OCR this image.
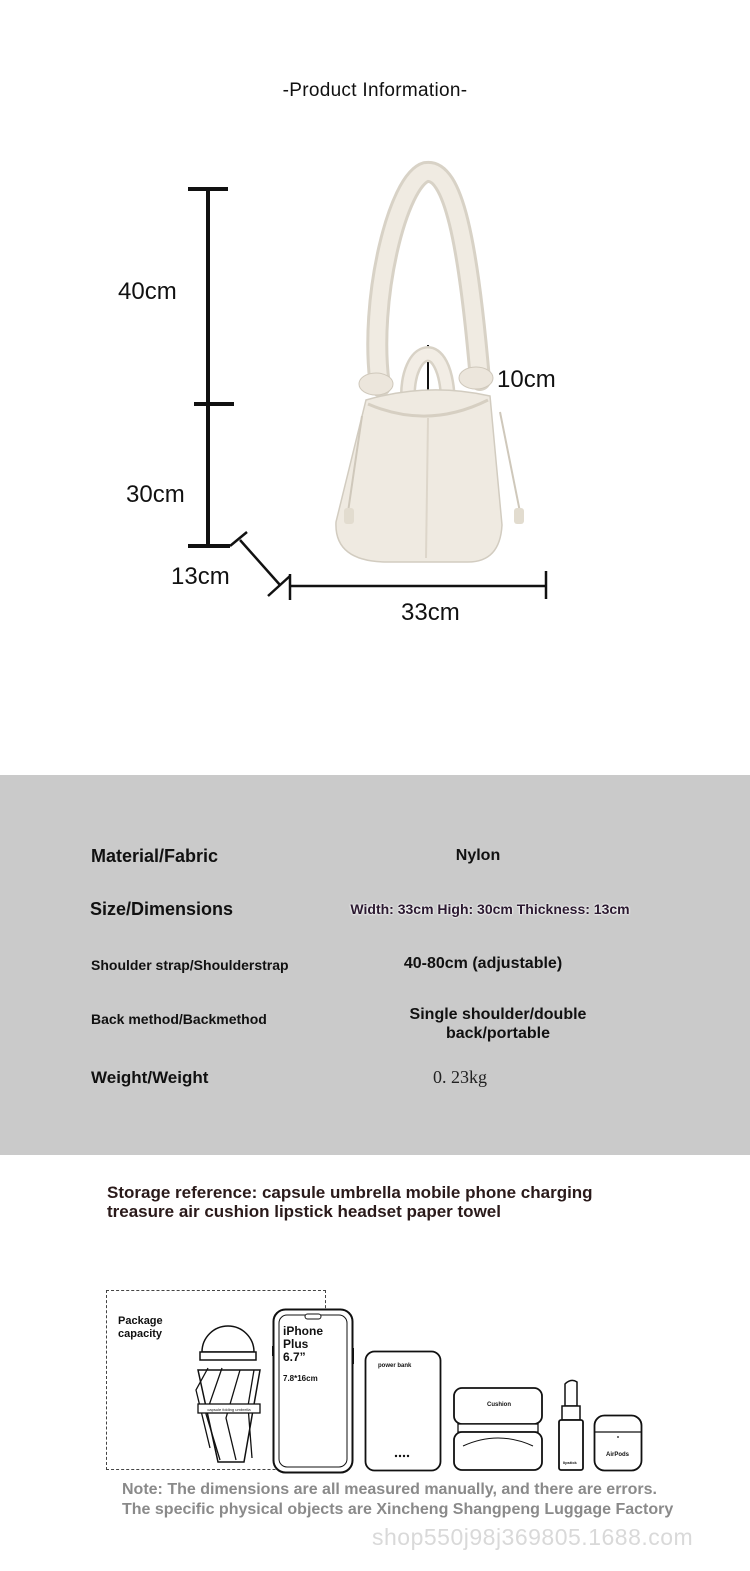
-Product Information-
40cm
30cm
13cm
33cm
10cm
Material/Fabric	Nylon
Size/Dimensions	Width: 33cm High: 30cm Thickness: 13cm
Shoulder strap/Shoulderstrap	40-80cm (adjustable)
Back method/Backmethod	Single shoulder/double
back/portable
Weight/Weight	0. 23kg
Storage reference: capsule umbrella mobile phone charging
treasure air cushion lipstick headset paper towel
Package
capacity
capsule folding umbrella
iPhone
Plus
6.7”
7.8*16cm
power bank
Cushion
lipstick
AirPods
Note: The dimensions are all measured manually, and there are errors.
The specific physical objects are Xincheng Shangpeng Luggage Factory
shop550j98j369805.1688.com
